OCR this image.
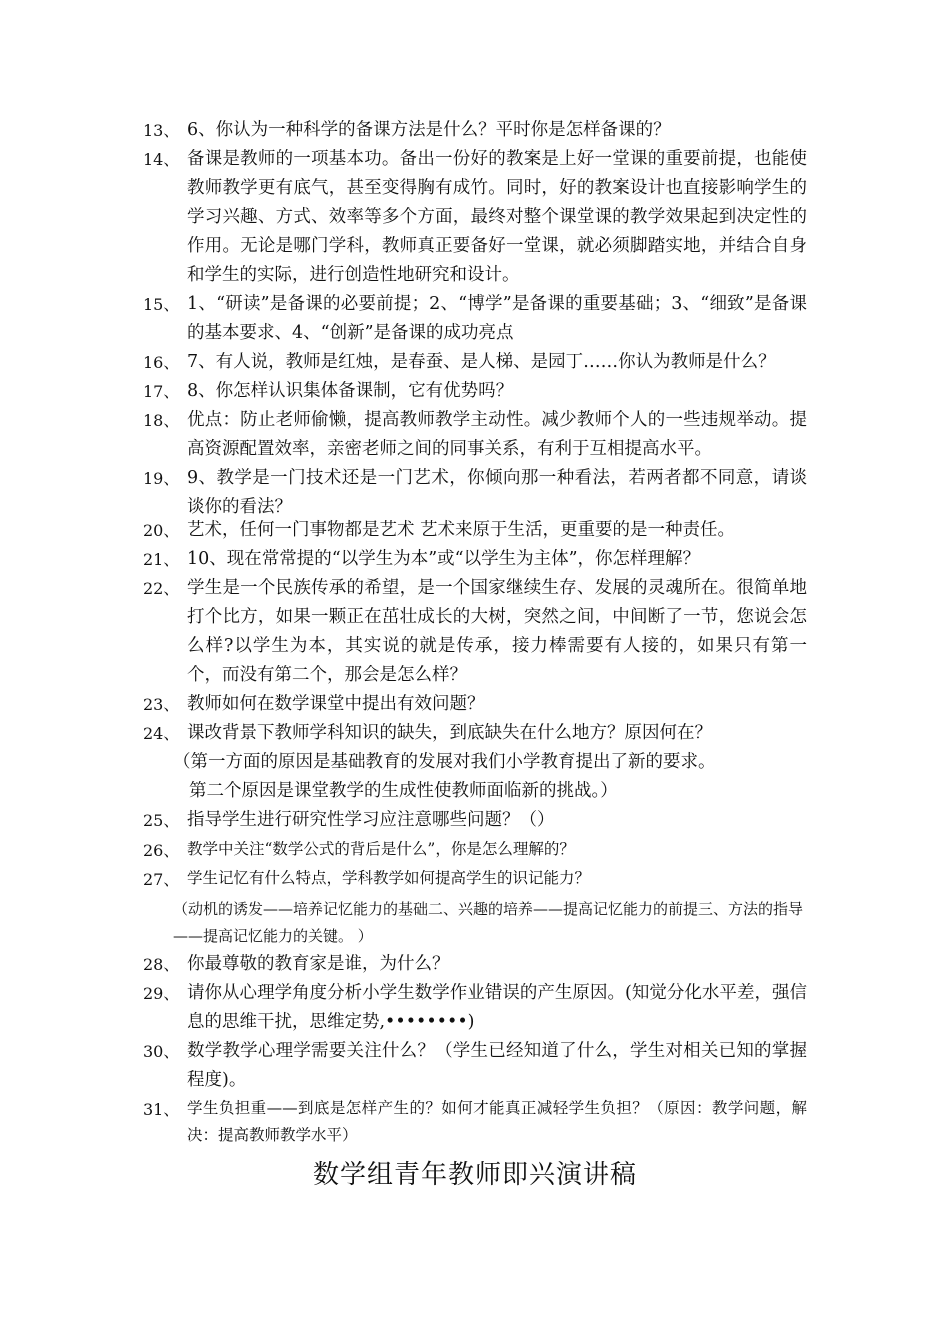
13、 6、你认为一种科学的备课方法是什么？平时你是怎样备课的？
14、 备课是教师的一项基本功。备出一份好的教案是上好一堂课的重要前提，也能使教师教学更有底气，甚至变得胸有成竹。同时，好的教案设计也直接影响学生的学习兴趣、方式、效率等多个方面，最终对整个课堂课的教学效果起到决定性的作用。无论是哪门学科，教师真正要备好一堂课，就必须脚踏实地，并结合自身和学生的实际，进行创造性地研究和设计。
15、 1、“研读”是备课的必要前提；2、“博学”是备课的重要基础；3、“细致”是备课的基本要求、4、“创新”是备课的成功亮点
16、 7、有人说，教师是红烛，是春蚕、是人梯、是园丁……你认为教师是什么？
17、 8、你怎样认识集体备课制，它有优势吗？
18、 优点：防止老师偷懒，提高教师教学主动性。减少教师个人的一些违规举动。提高资源配置效率，亲密老师之间的同事关系，有利于互相提高水平。
19、 9、教学是一门技术还是一门艺术，你倾向那一种看法，若两者都不同意，请谈谈你的看法？
20、 艺术，任何一门事物都是艺术 艺术来原于生活，更重要的是一种责任。
21、 10、现在常常提的“以学生为本”或“以学生为主体”，你怎样理解？
22、 学生是一个民族传承的希望，是一个国家继续生存、发展的灵魂所在。很简单地打个比方，如果一颗正在茁壮成长的大树，突然之间，中间断了一节，您说会怎么样?以学生为本，其实说的就是传承，接力棒需要有人接的，如果只有第一个，而没有第二个，那会是怎么样？
23、 教师如何在数学课堂中提出有效问题？
24、 课改背景下教师学科知识的缺失，到底缺失在什么地方？原因何在？
（第一方面的原因是基础教育的发展对我们小学教育提出了新的要求。
第二个原因是课堂教学的生成性使教师面临新的挑战。）
25、 指导学生进行研究性学习应注意哪些问题？（）
26、 教学中关注“数学公式的背后是什么”，你是怎么理解的？
27、 学生记忆有什么特点，学科教学如何提高学生的识记能力？
（动机的诱发——培养记忆能力的基础二、兴趣的培养——提高记忆能力的前提三、方法的指导——提高记忆能力的关键。 ）
28、 你最尊敬的教育家是谁，为什么？
29、 请你从心理学角度分析小学生数学作业错误的产生原因。(知觉分化水平差，强信息的思维干扰，思维定势,••••••••)
30、 数学教学心理学需要关注什么？（学生已经知道了什么，学生对相关已知的掌握程度)。
31、 学生负担重——到底是怎样产生的？如何才能真正减轻学生负担？（原因：教学问题，解决：提高教师教学水平）
数学组青年教师即兴演讲稿
